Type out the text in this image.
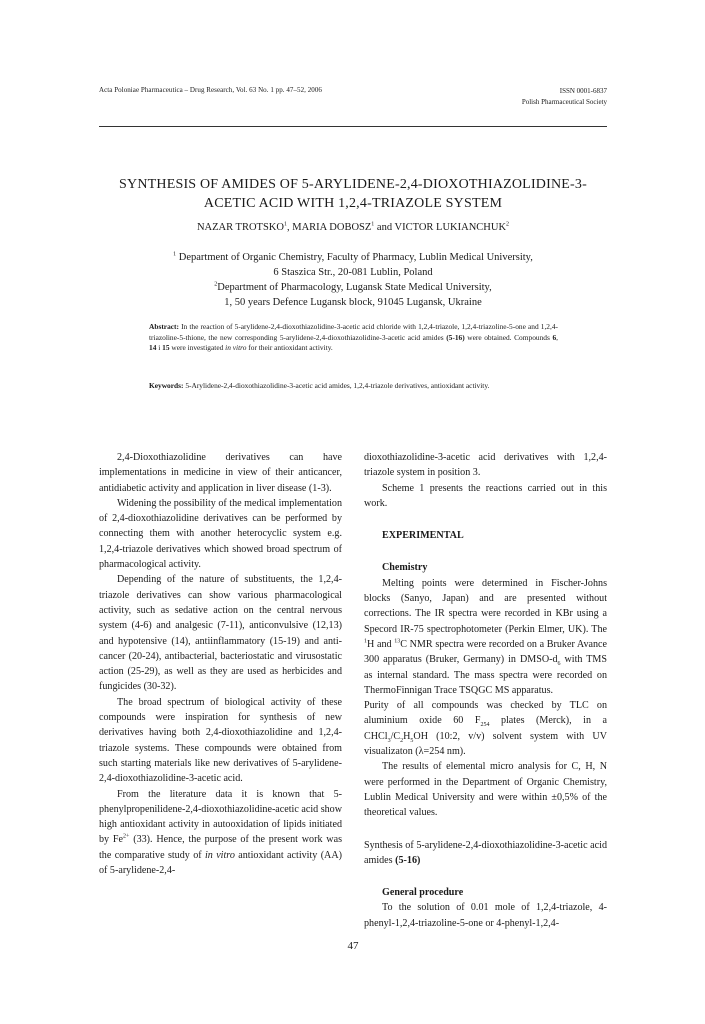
Acta Poloniae Pharmaceutica – Drug Research, Vol. 63 No. 1 pp. 47–52, 2006	ISSN 0001-6837
Polish Pharmaceutical Society
SYNTHESIS OF AMIDES OF 5-ARYLIDENE-2,4-DIOXOTHIAZOLIDINE-3-
ACETIC ACID WITH 1,2,4-TRIAZOLE SYSTEM
NAZAR TROTSKO$^1$, MARIA DOBOSZ$^1$ and VICTOR LUKIANCHUK$^2$
$^1$ Department of Organic Chemistry, Faculty of Pharmacy, Lublin Medical University,
6 Staszica Str., 20-081 Lublin, Poland
$^2$Department of Pharmacology, Lugansk State Medical University,
1, 50 years Defence Lugansk block, 91045 Lugansk, Ukraine
Abstract: In the reaction of 5-arylidene-2,4-dioxothiazolidine-3-acetic acid chloride with 1,2,4-triazole, 1,2,4-triazoline-5-one and 1,2,4-triazoline-5-thione, the new corresponding 5-arylidene-2,4-dioxothiazolidine-3-acetic acid amides (5-16) were obtained. Compounds 6, 14 i 15 were investigated in vitro for their antioxidant activity.
Keywords: 5-Arylidene-2,4-dioxothiazolidine-3-acetic acid amides, 1,2,4-triazole derivatives, antioxidant activity.

2,4-Dioxothiazolidine derivatives can have implementations in medicine in view of their anticancer, antidiabetic activity and application in liver disease (1-3).

Widening the possibility of the medical implementation of 2,4-dioxothiazolidine derivatives can be performed by connecting them with another heterocyclic system e.g. 1,2,4-triazole derivatives which showed broad spectrum of pharmacological activity.

Depending of the nature of substituents, the 1,2,4-triazole derivatives can show various pharmacological activity, such as sedative action on the central nervous system (4-6) and analgesic (7-11), anticonvulsive (12,13) and hypotensive (14), antiinflammatory (15-19) and anti-cancer (20-24), antibacterial, bacteriostatic and virusostatic action (25-29), as well as they are used as herbicides and fungicides (30-32).

The broad spectrum of biological activity of these compounds were inspiration for synthesis of new derivatives having both 2,4-dioxothiazolidine and 1,2,4-triazole systems. These compounds were obtained from such starting materials like new derivatives of 5-arylidene-2,4-dioxothiazolidine-3-acetic acid.

From the literature data it is known that 5-phenylpropenilidene-2,4-dioxothiazolidine-acetic acid show high antioxidant activity in autooxidation of lipids initiated by $Fe^{2+}$ (33). Hence, the purpose of the present work was the comparative study of in vitro antioxidant activity (AA) of 5-arylidene-2,4-

dioxothiazolidine-3-acetic acid derivatives with 1,2,4-triazole system in position 3.

Scheme 1 presents the reactions carried out in this work.

EXPERIMENTAL

Chemistry

Melting points were determined in Fischer-Johns blocks (Sanyo, Japan) and are presented without corrections. The IR spectra were recorded in KBr using a Specord IR-75 spectrophotometer (Perkin Elmer, UK). The $^1$H and $^{13}$C NMR spectra were recorded on a Bruker Avance 300 apparatus (Bruker, Germany) in DMSO-$d_6$ with TMS as internal standard. The mass spectra were recorded on ThermoFinnigan Trace TSQGC MS apparatus.

Purity of all compounds was checked by TLC on aluminium oxide 60 $F_{254}$ plates (Merck), in a $CHCl_3/C_2H_5OH$ (10:2, v/v) solvent system with UV visualizaton (λ=254 nm).

The results of elemental micro analysis for C, H, N were performed in the Department of Organic Chemistry, Lublin Medical University and were within ±0,5% of the theoretical values.

Synthesis of 5-arylidene-2,4-dioxothiazolidine-3-acetic acid amides (5-16)

General procedure

To the solution of 0.01 mole of 1,2,4-triazole, 4-phenyl-1,2,4-triazoline-5-one or 4-phenyl-1,2,4-

47
